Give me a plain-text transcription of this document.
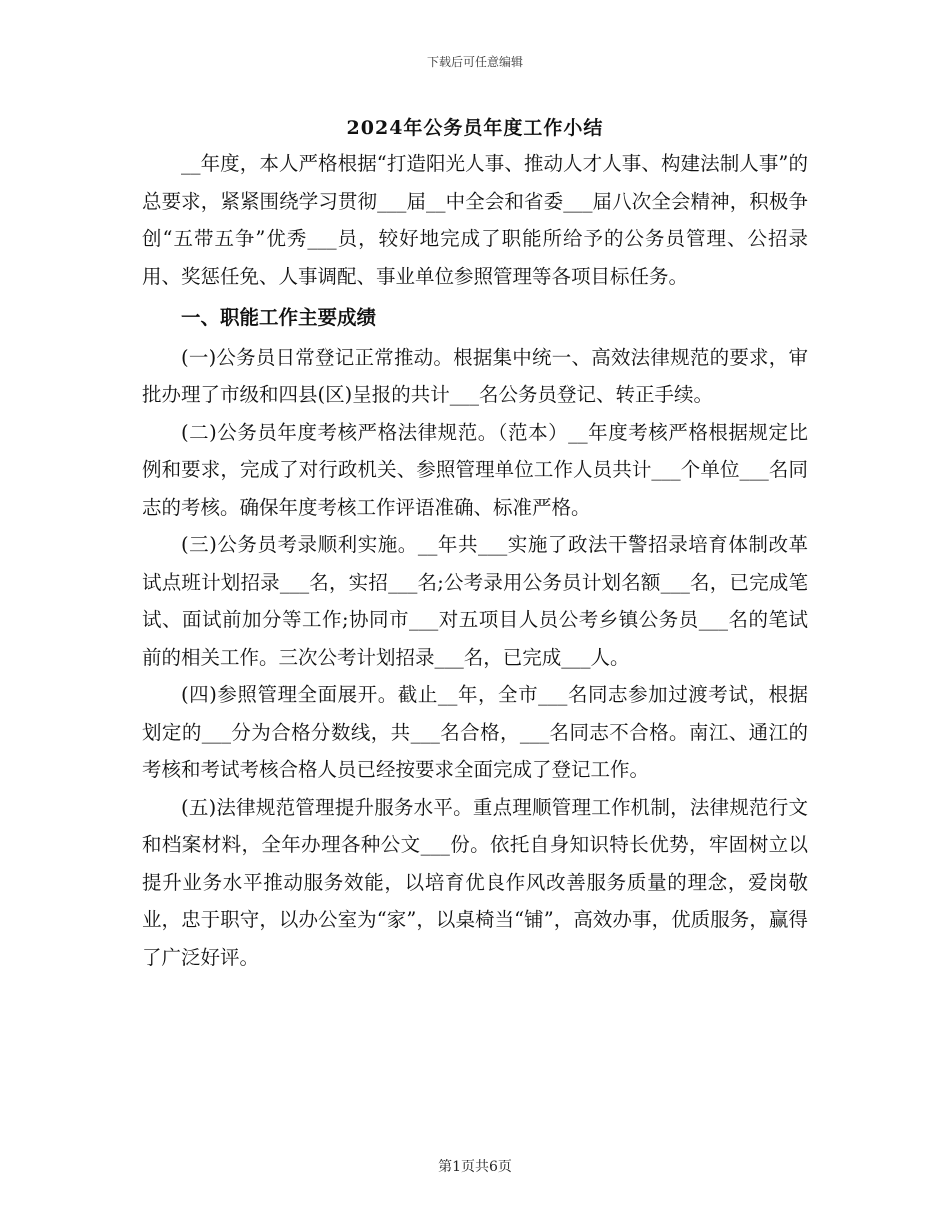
下载后可任意编辑
2024年公务员年度工作小结

__年度，本人严格根据“打造阳光人事、推动人才人事、构建法制人事”的总要求，紧紧围绕学习贯彻___届__中全会和省委___届八次全会精神，积极争创“五带五争”优秀___员，较好地完成了职能所给予的公务员管理、公招录用、奖惩任免、人事调配、事业单位参照管理等各项目标任务。

一、职能工作主要成绩

(一)公务员日常登记正常推动。根据集中统一、高效法律规范的要求，审批办理了市级和四县(区)呈报的共计___名公务员登记、转正手续。

(二)公务员年度考核严格法律规范。（范本）__年度考核严格根据规定比例和要求，完成了对行政机关、参照管理单位工作人员共计___个单位___名同志的考核。确保年度考核工作评语准确、标准严格。

(三)公务员考录顺利实施。__年共___实施了政法干警招录培育体制改革试点班计划招录___名，实招___名;公考录用公务员计划名额___名，已完成笔试、面试前加分等工作;协同市___对五项目人员公考乡镇公务员___名的笔试前的相关工作。三次公考计划招录___名，已完成___人。

(四)参照管理全面展开。截止__年，全市___名同志参加过渡考试，根据划定的___分为合格分数线，共___名合格，___名同志不合格。南江、通江的考核和考试考核合格人员已经按要求全面完成了登记工作。

(五)法律规范管理提升服务水平。重点理顺管理工作机制，法律规范行文和档案材料，全年办理各种公文___份。依托自身知识特长优势，牢固树立以提升业务水平推动服务效能，以培育优良作风改善服务质量的理念，爱岗敬业，忠于职守，以办公室为“家”，以桌椅当“铺”，高效办事，优质服务，赢得了广泛好评。

第1页共6页
